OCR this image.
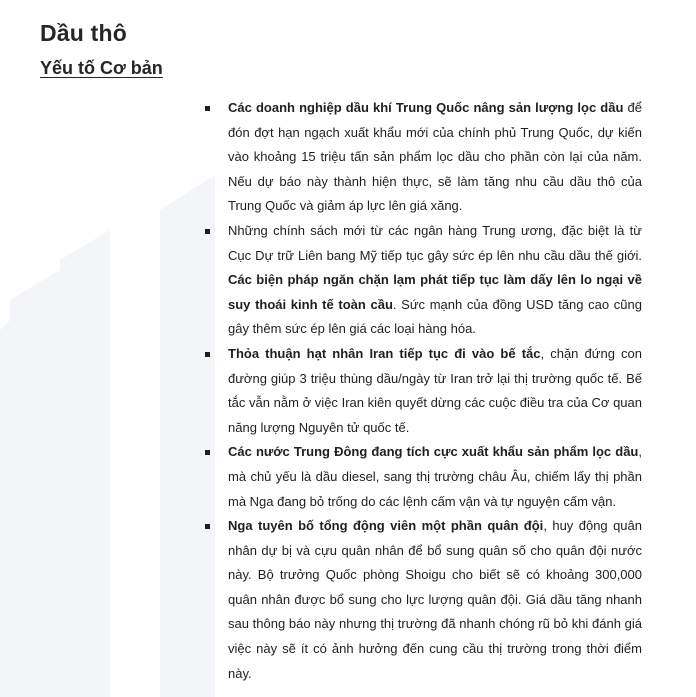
Dầu thô
Yếu tố Cơ bản
Các doanh nghiệp dầu khí Trung Quốc nâng sản lượng lọc dầu để đón đợt hạn ngạch xuất khẩu mới của chính phủ Trung Quốc, dự kiến vào khoảng 15 triệu tấn sản phẩm lọc dầu cho phần còn lại của năm. Nếu dự báo này thành hiện thực, sẽ làm tăng nhu cầu dầu thô của Trung Quốc và giảm áp lực lên giá xăng.
Những chính sách mới từ các ngân hàng Trung ương, đặc biệt là từ Cục Dự trữ Liên bang Mỹ tiếp tục gây sức ép lên nhu cầu dầu thế giới. Các biện pháp ngăn chặn lạm phát tiếp tục làm dấy lên lo ngại về suy thoái kinh tế toàn cầu. Sức mạnh của đồng USD tăng cao cũng gây thêm sức ép lên giá các loại hàng hóa.
Thỏa thuận hạt nhân Iran tiếp tục đi vào bế tắc, chặn đứng con đường giúp 3 triệu thùng dầu/ngày từ Iran trở lại thị trường quốc tế. Bế tắc vẫn nằm ở việc Iran kiên quyết dừng các cuộc điều tra của Cơ quan năng lượng Nguyên tử quốc tế.
Các nước Trung Đông đang tích cực xuất khẩu sản phẩm lọc dầu, mà chủ yếu là dầu diesel, sang thị trường châu Âu, chiếm lấy thị phần mà Nga đang bỏ trống do các lệnh cấm vận và tự nguyện cấm vận.
Nga tuyên bố tổng động viên một phần quân đội, huy động quân nhân dự bị và cựu quân nhân để bổ sung quân số cho quân đội nước này. Bộ trưởng Quốc phòng Shoigu cho biết sẽ có khoảng 300,000 quân nhân được bổ sung cho lực lượng quân đội. Giá dầu tăng nhanh sau thông báo này nhưng thị trường đã nhanh chóng rũ bỏ khi đánh giá việc này sẽ ít có ảnh hưởng đến cung cầu thị trường trong thời điểm này.
